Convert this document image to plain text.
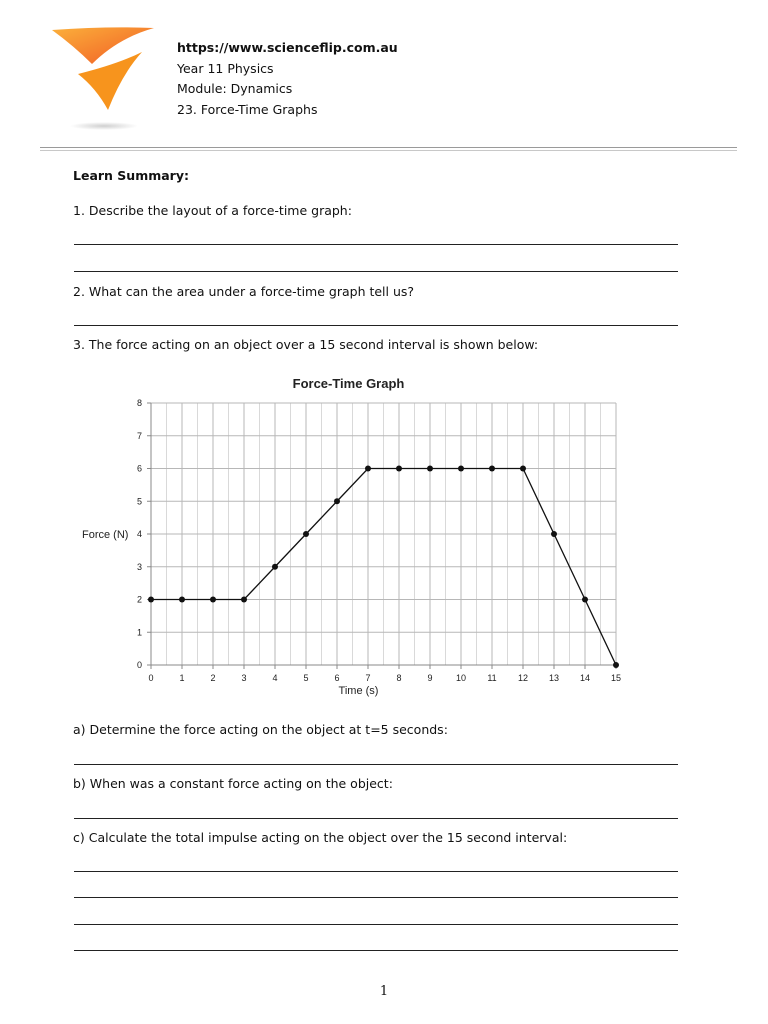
https://www.scienceflip.com.au
Year 11 Physics
Module: Dynamics
23. Force-Time Graphs
Learn Summary:
1. Describe the layout of a force-time graph:
2. What can the area under a force-time graph tell us?
3. The force acting on an object over a 15 second interval is shown below:
0	1	2	3	4	5	6	7	8	9	10 11 12 13 14 15
0
1
2
3
4
5
6
7
8
Force-Time Graph
Time (s)
Force (N)
a) Determine the force acting on the object at t=5 seconds:
b) When was a constant force acting on the object:
c) Calculate the total impulse acting on the object over the 15 second interval:
1
